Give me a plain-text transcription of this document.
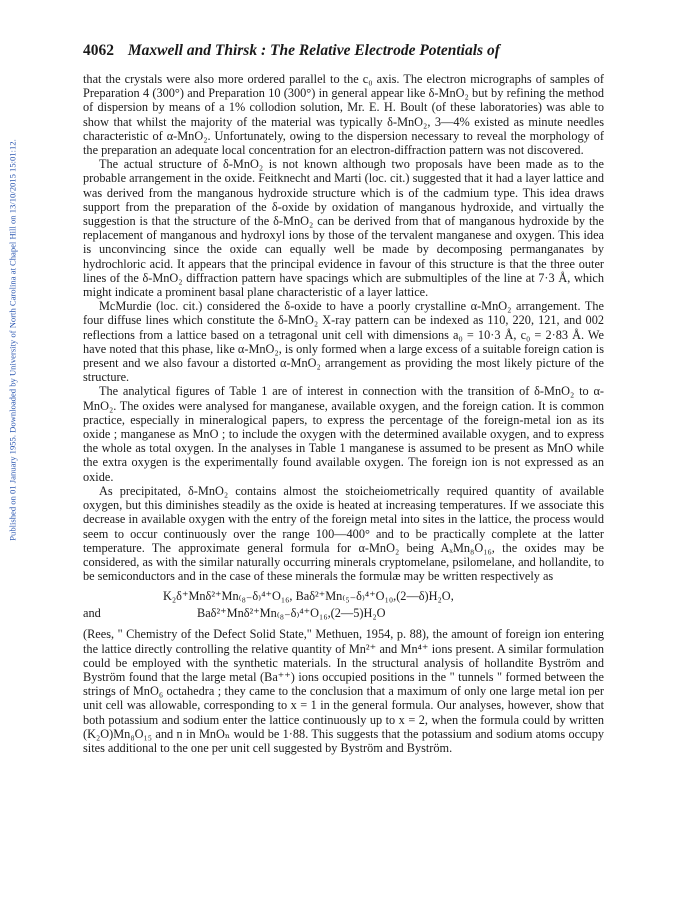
Published on 01 January 1955. Downloaded by University of North Carolina at Chapel Hill on 13/10/2015 15:01:12.
4062 Maxwell and Thirsk : The Relative Electrode Potentials of

that the crystals were also more ordered parallel to the c₀ axis. The electron micrographs of samples of Preparation 4 (300°) and Preparation 10 (300°) in general appear like δ-MnO₂ but by refining the method of dispersion by means of a 1% collodion solution, Mr. E. H. Boult (of these laboratories) was able to show that whilst the majority of the material was typically δ-MnO₂, 3—4% existed as minute needles characteristic of α-MnO₂. Unfortunately, owing to the dispersion necessary to reveal the morphology of the preparation an adequate local concentration for an electron-diffraction pattern was not discovered.

The actual structure of δ-MnO₂ is not known although two proposals have been made as to the probable arrangement in the oxide. Feitknecht and Marti (loc. cit.) suggested that it had a layer lattice and was derived from the manganous hydroxide structure which is of the cadmium type. This idea draws support from the preparation of the δ-oxide by oxidation of manganous hydroxide, and virtually the suggestion is that the structure of the δ-MnO₂ can be derived from that of manganous hydroxide by the replacement of manganous and hydroxyl ions by those of the tervalent manganese and oxygen. This idea is unconvincing since the oxide can equally well be made by decomposing permanganates by hydrochloric acid. It appears that the principal evidence in favour of this structure is that the three outer lines of the δ-MnO₂ diffraction pattern have spacings which are submultiples of the line at 7·3 Å, which might indicate a prominent basal plane characteristic of a layer lattice.

McMurdie (loc. cit.) considered the δ-oxide to have a poorly crystalline α-MnO₂ arrangement. The four diffuse lines which constitute the δ-MnO₂ X-ray pattern can be indexed as 110, 220, 121, and 002 reflections from a lattice based on a tetragonal unit cell with dimensions a₀ = 10·3 Å, c₀ = 2·83 Å. We have noted that this phase, like α-MnO₂, is only formed when a large excess of a suitable foreign cation is present and we also favour a distorted α-MnO₂ arrangement as providing the most likely picture of the structure.

The analytical figures of Table 1 are of interest in connection with the transition of δ-MnO₂ to α-MnO₂. The oxides were analysed for manganese, available oxygen, and the foreign cation. It is common practice, especially in mineralogical papers, to express the percentage of the foreign-metal ion as its oxide ; manganese as MnO ; to include the oxygen with the determined available oxygen, and to express the whole as total oxygen. In the analyses in Table 1 manganese is assumed to be present as MnO while the extra oxygen is the experimentally found available oxygen. The foreign ion is not expressed as an oxide.

As precipitated, δ-MnO₂ contains almost the stoicheiometrically required quantity of available oxygen, but this diminishes steadily as the oxide is heated at increasing temperatures. If we associate this decrease in available oxygen with the entry of the foreign metal into sites in the lattice, the process would seem to occur continuously over the range 100—400° and to be practically complete at the latter temperature. The approximate general formula for α-MnO₂ being AₓMn₈O₁₆, the oxides may be considered, as with the similar naturally occurring minerals cryptomelane, psilomelane, and hollandite, to be semiconductors and in the case of these minerals the formulæ may be written respectively as

K₂δ⁺Mnδ²⁺Mn₍₈₋δ₎⁴⁺O₁₆, Baδ²⁺Mn₍₅₋δ₎⁴⁺O₁₀,(2—δ)H₂O,
and	Baδ²⁺Mnδ²⁺Mn₍₈₋δ₎⁴⁺O₁₆,(2—5)H₂O

(Rees, " Chemistry of the Defect Solid State," Methuen, 1954, p. 88), the amount of foreign ion entering the lattice directly controlling the relative quantity of Mn²⁺ and Mn⁴⁺ ions present. A similar formulation could be employed with the synthetic materials. In the structural analysis of hollandite Byström and Byström found that the large metal (Ba⁺⁺) ions occupied positions in the " tunnels " formed between the strings of MnO₆ octahedra ; they came to the conclusion that a maximum of only one large metal ion per unit cell was allowable, corresponding to x = 1 in the general formula. Our analyses, however, show that both potassium and sodium enter the lattice continuously up to x = 2, when the formula could by written (K₂O)Mn₈O₁₅ and n in MnOₙ would be 1·88. This suggests that the potassium and sodium atoms occupy sites additional to the one per unit cell suggested by Byström and Byström.
